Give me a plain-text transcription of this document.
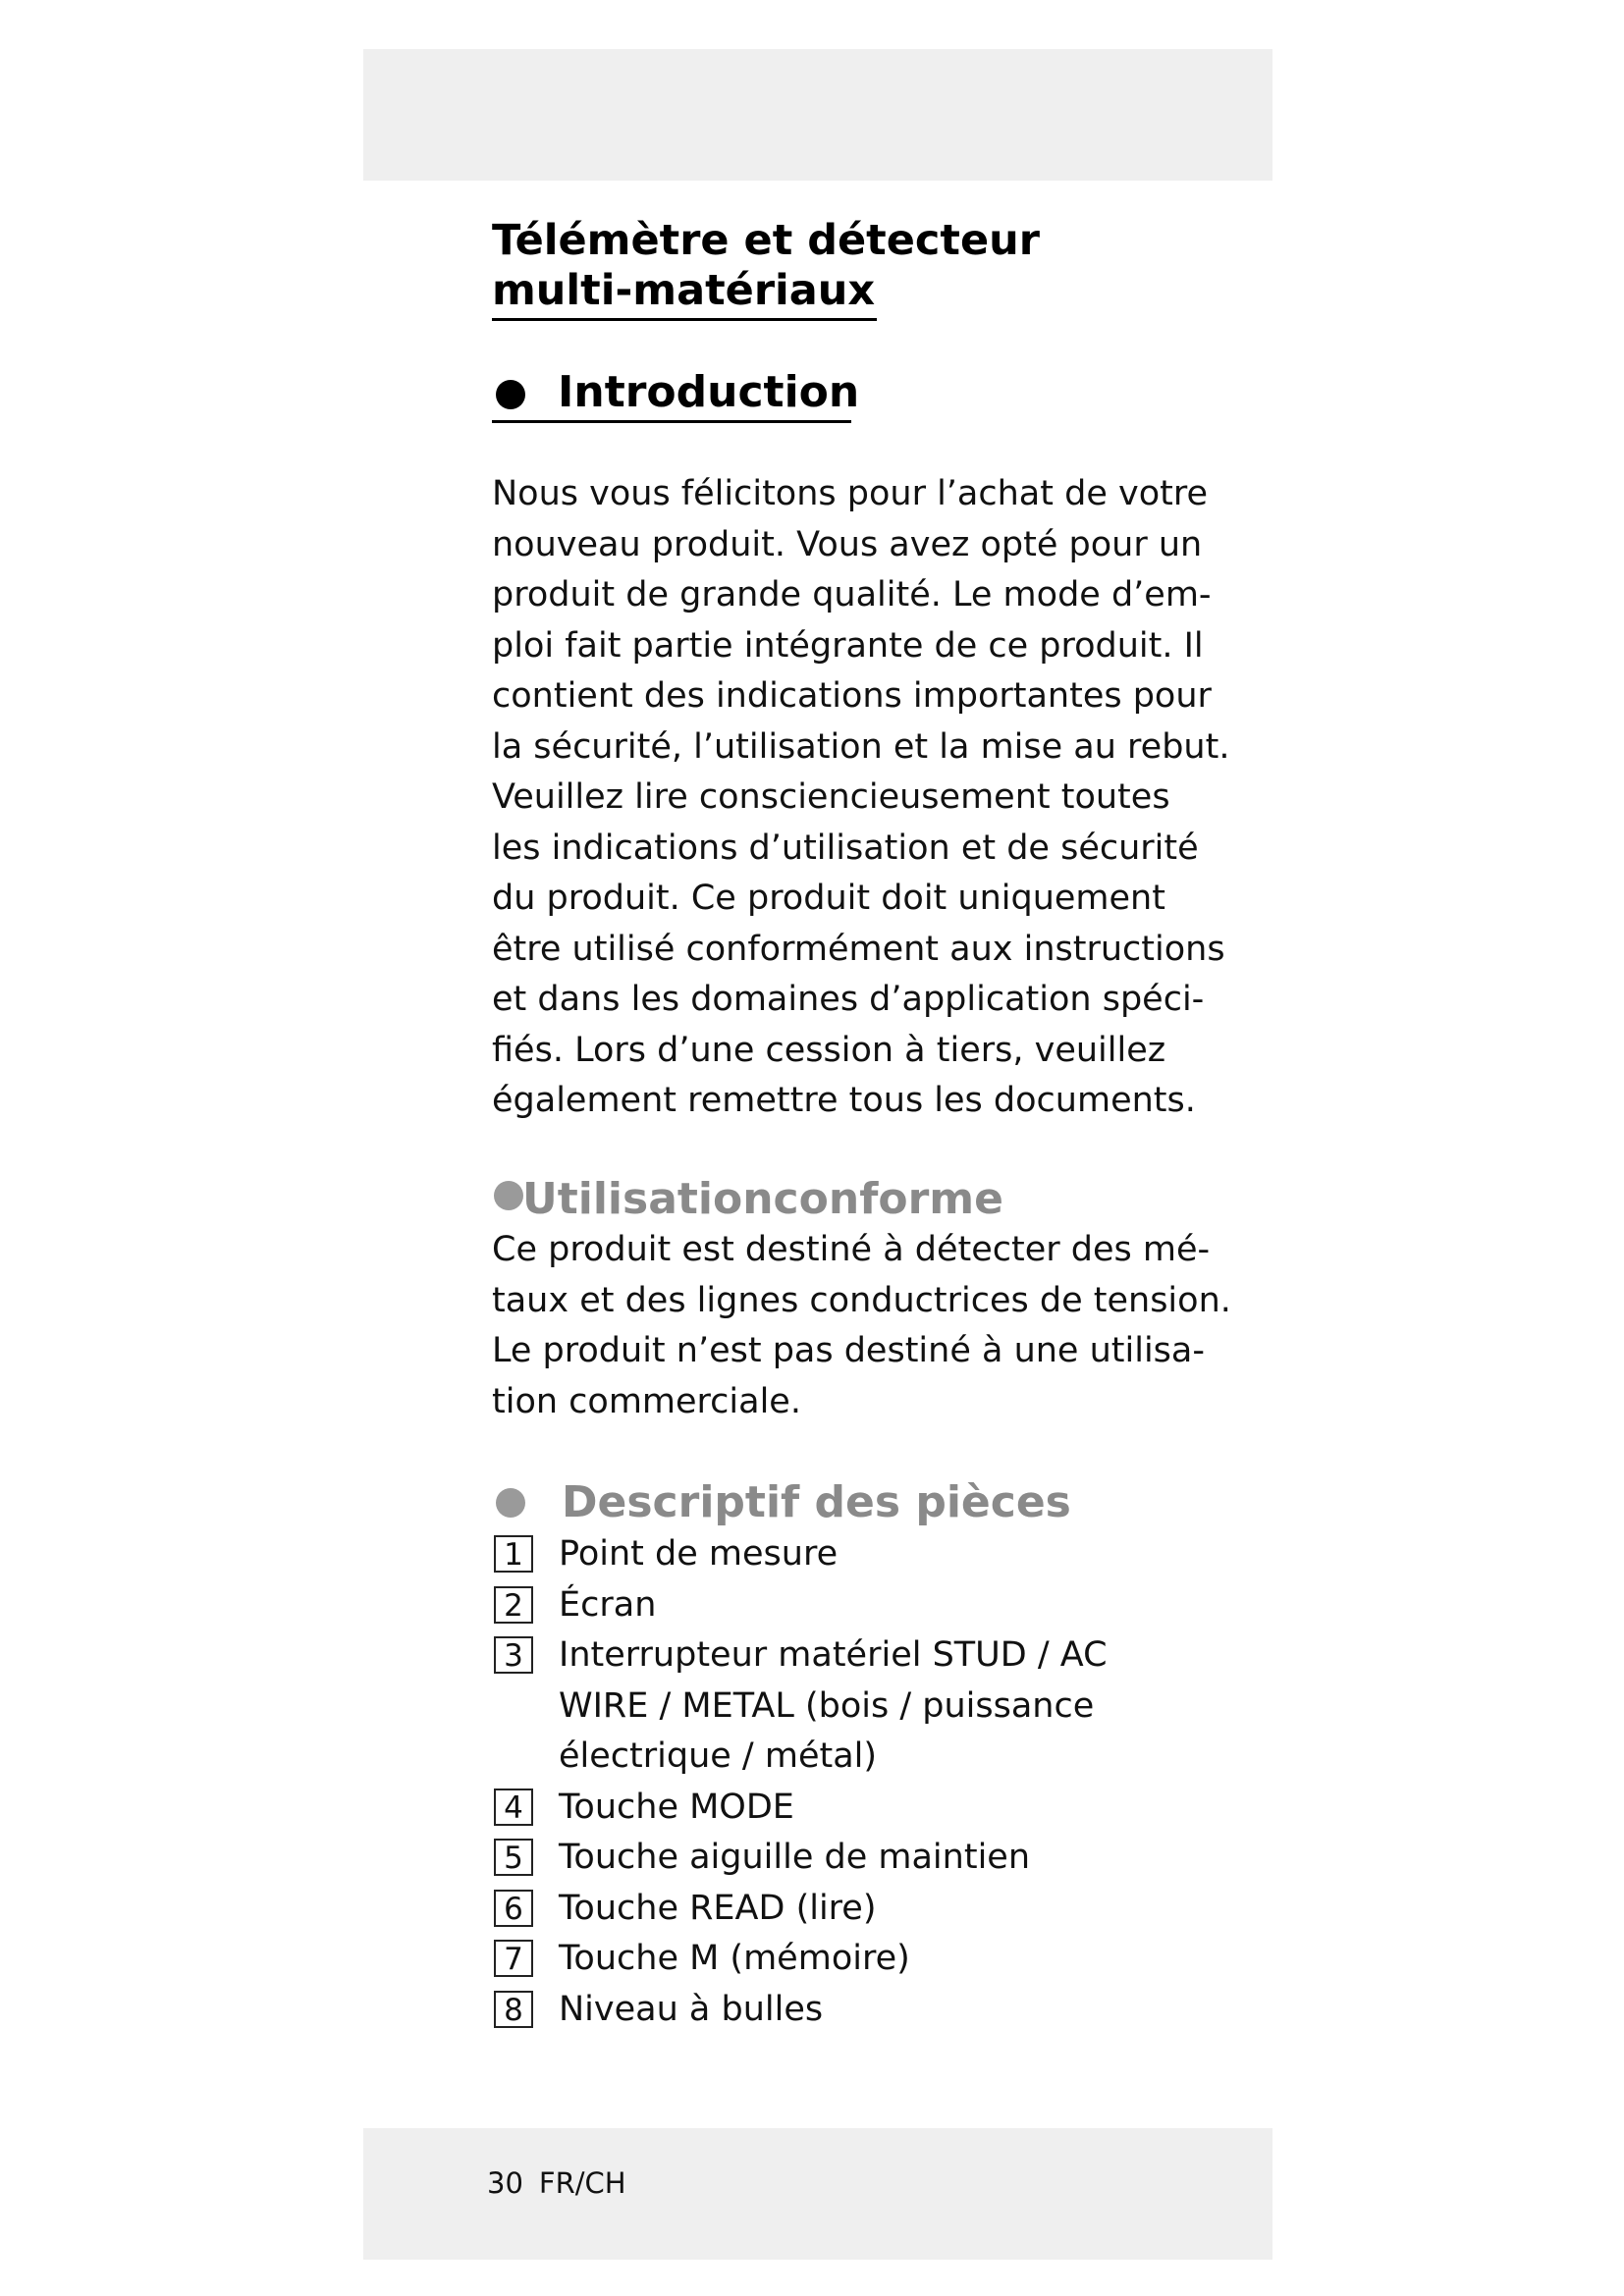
Télémètre et détecteur
multi-matériaux
Introduction

Nous vous félicitons pour l’achat de votre
nouveau produit. Vous avez opté pour un
produit de grande qualité. Le mode d’em-
ploi fait partie intégrante de ce produit. Il
contient des indications importantes pour
la sécurité, l’utilisation et la mise au rebut.
Veuillez lire consciencieusement toutes
les indications d’utilisation et de sécurité
du produit. Ce produit doit uniquement
être utilisé conformément aux instructions
et dans les domaines d’application spéci-
fiés. Lors d’une cession à tiers, veuillez
également remettre tous les documents.

Utilisationconforme

Ce produit est destiné à détecter des mé-
taux et des lignes conductrices de tension.
Le produit n’est pas destiné à une utilisa-
tion commerciale.

Descriptif des pièces
1 Point de mesure
2 Écran
3 Interrupteur matériel STUD / AC
WIRE / METAL (bois / puissance
électrique / métal)
4 Touche MODE
5 Touche aiguille de maintien
6 Touche READ (lire)
7 Touche M (mémoire)
8 Niveau à bulles
30 FR/CH
